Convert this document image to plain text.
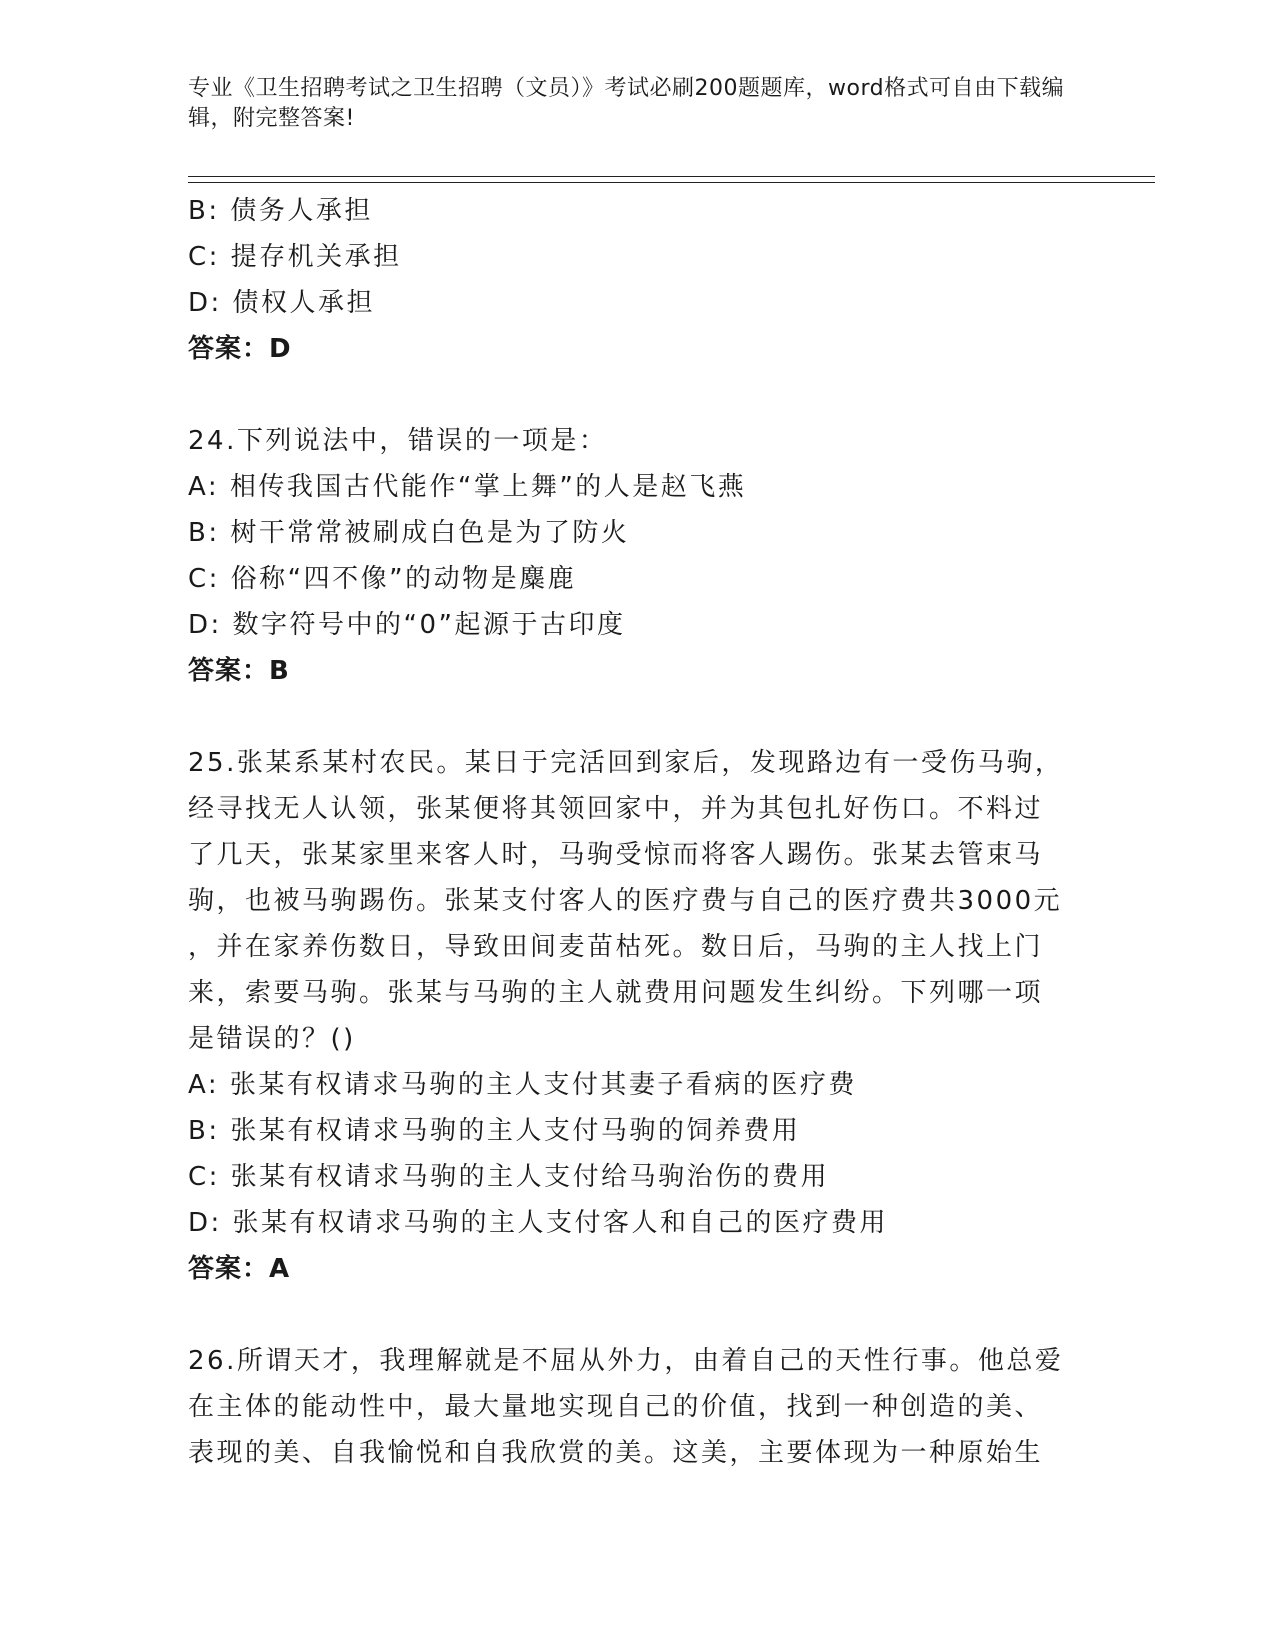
专业《卫生招聘考试之卫生招聘（文员）》考试必刷200题题库，word格式可自由下载编辑，附完整答案!

B: 债务人承担

C: 提存机关承担

D: 债权人承担

答案：D

24.下列说法中，错误的一项是：

A: 相传我国古代能作“掌上舞”的人是赵飞燕

B: 树干常常被刷成白色是为了防火

C: 俗称“四不像”的动物是麋鹿

D: 数字符号中的“0”起源于古印度

答案：B

25.张某系某村农民。某日于完活回到家后，发现路边有一受伤马驹，

经寻找无人认领，张某便将其领回家中，并为其包扎好伤口。不料过

了几天，张某家里来客人时，马驹受惊而将客人踢伤。张某去管束马

驹，也被马驹踢伤。张某支付客人的医疗费与自己的医疗费共3000元

，并在家养伤数日，导致田间麦苗枯死。数日后，马驹的主人找上门

来，索要马驹。张某与马驹的主人就费用问题发生纠纷。下列哪一项

是错误的？()

A: 张某有权请求马驹的主人支付其妻子看病的医疗费

B: 张某有权请求马驹的主人支付马驹的饲养费用

C: 张某有权请求马驹的主人支付给马驹治伤的费用

D: 张某有权请求马驹的主人支付客人和自己的医疗费用

答案：A

26.所谓天才，我理解就是不屈从外力，由着自己的天性行事。他总爱

在主体的能动性中，最大量地实现自己的价值，找到一种创造的美、

表现的美、自我愉悦和自我欣赏的美。这美，主要体现为一种原始生
